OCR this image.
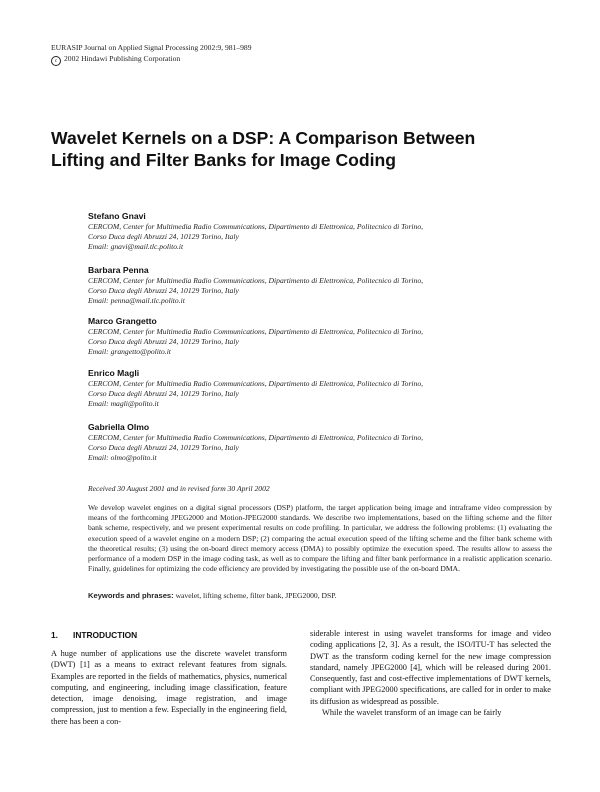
EURASIP Journal on Applied Signal Processing 2002:9, 981–989
c 2002 Hindawi Publishing Corporation
Wavelet Kernels on a DSP: A Comparison Between
Lifting and Filter Banks for Image Coding
Stefano Gnavi
CERCOM, Center for Multimedia Radio Communications, Dipartimento di Elettronica, Politecnico di Torino,
Corso Duca degli Abruzzi 24, 10129 Torino, Italy
Email: gnavi@mail.tlc.polito.it
Barbara Penna
CERCOM, Center for Multimedia Radio Communications, Dipartimento di Elettronica, Politecnico di Torino,
Corso Duca degli Abruzzi 24, 10129 Torino, Italy
Email: penna@mail.tlc.polito.it
Marco Grangetto
CERCOM, Center for Multimedia Radio Communications, Dipartimento di Elettronica, Politecnico di Torino,
Corso Duca degli Abruzzi 24, 10129 Torino, Italy
Email: grangetto@polito.it
Enrico Magli
CERCOM, Center for Multimedia Radio Communications, Dipartimento di Elettronica, Politecnico di Torino,
Corso Duca degli Abruzzi 24, 10129 Torino, Italy
Email: magli@polito.it
Gabriella Olmo
CERCOM, Center for Multimedia Radio Communications, Dipartimento di Elettronica, Politecnico di Torino,
Corso Duca degli Abruzzi 24, 10129 Torino, Italy
Email: olmo@polito.it
Received 30 August 2001 and in revised form 30 April 2002
We develop wavelet engines on a digital signal processors (DSP) platform, the target application being image and intraframe video compression by means of the forthcoming JPEG2000 and Motion-JPEG2000 standards. We describe two implementations, based on the lifting scheme and the filter bank scheme, respectively, and we present experimental results on code profiling. In particular, we address the following problems: (1) evaluating the execution speed of a wavelet engine on a modern DSP; (2) comparing the actual execution speed of the lifting scheme and the filter bank scheme with the theoretical results; (3) using the on-board direct memory access (DMA) to possibly optimize the execution speed. The results allow to assess the performance of a modern DSP in the image coding task, as well as to compare the lifting and filter bank performance in a realistic application scenario. Finally, guidelines for optimizing the code efficiency are provided by investigating the possible use of the on-board DMA.
Keywords and phrases: wavelet, lifting scheme, filter bank, JPEG2000, DSP.
1. INTRODUCTION
A huge number of applications use the discrete wavelet transform (DWT) [1] as a means to extract relevant features from signals. Examples are reported in the fields of mathematics, physics, numerical computing, and engineering, including image classification, feature detection, image denoising, image registration, and image compression, just to mention a few. Especially in the engineering field, there has been a con-
siderable interest in using wavelet transforms for image and video coding applications [2, 3]. As a result, the ISO/ITU-T has selected the DWT as the transform coding kernel for the new image compression standard, namely JPEG2000 [4], which will be released during 2001. Consequently, fast and cost-effective implementations of DWT kernels, compliant with JPEG2000 specifications, are called for in order to make its diffusion as widespread as possible.
While the wavelet transform of an image can be fairly
